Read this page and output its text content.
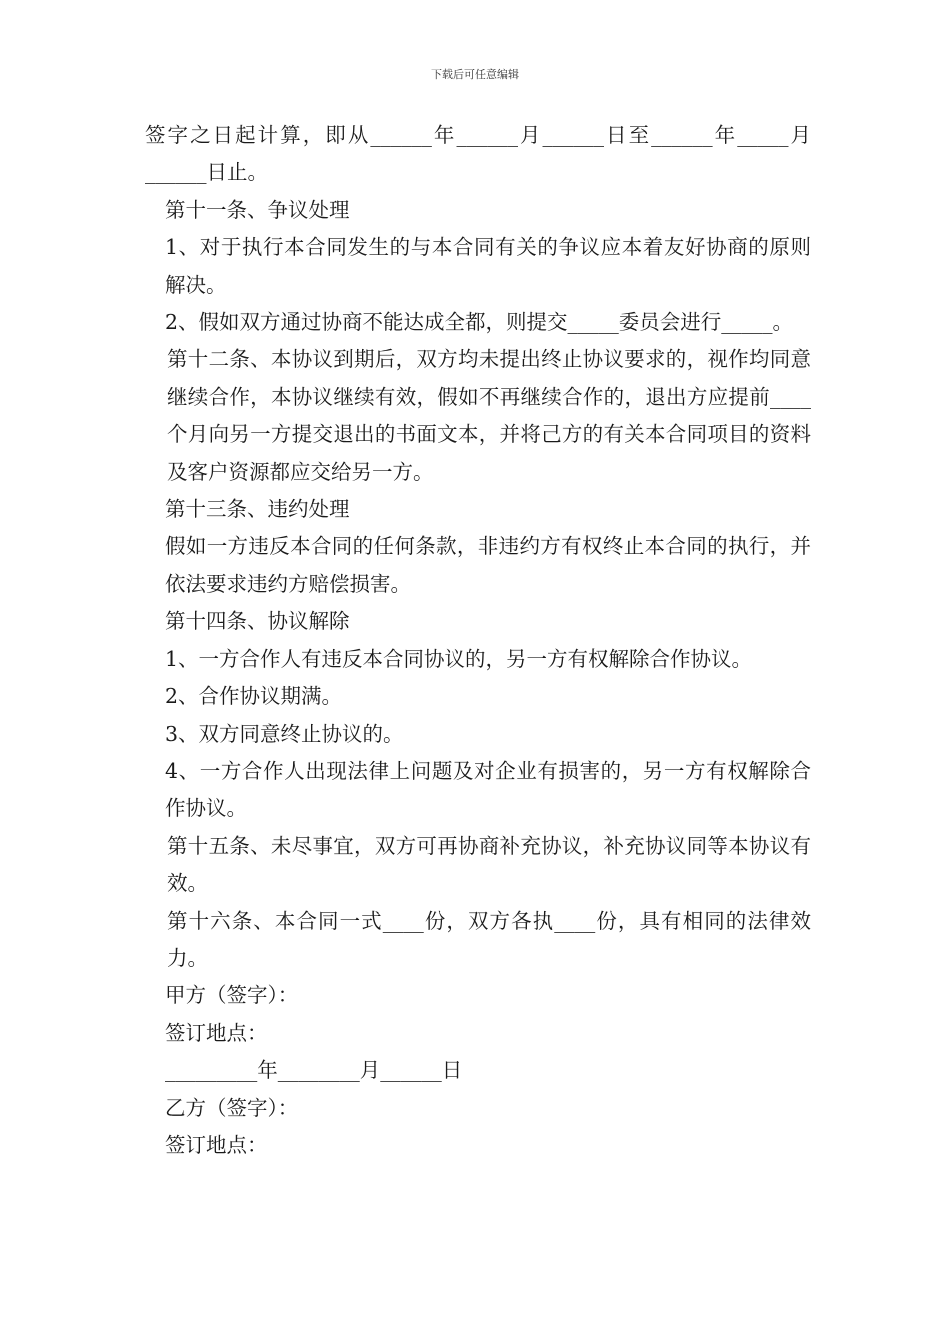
下载后可任意编辑

签字之日起计算，即从______年______月______日至______年_____月______日止。

第十一条、争议处理

1、对于执行本合同发生的与本合同有关的争议应本着友好协商的原则解决。

2、假如双方通过协商不能达成全都，则提交_____委员会进行_____。

第十二条、本协议到期后，双方均未提出终止协议要求的，视作均同意继续合作，本协议继续有效，假如不再继续合作的，退出方应提前____个月向另一方提交退出的书面文本，并将己方的有关本合同项目的资料及客户资源都应交给另一方。

第十三条、违约处理

假如一方违反本合同的任何条款，非违约方有权终止本合同的执行，并依法要求违约方赔偿损害。

第十四条、协议解除

1、一方合作人有违反本合同协议的，另一方有权解除合作协议。

2、合作协议期满。

3、双方同意终止协议的。

4、一方合作人出现法律上问题及对企业有损害的，另一方有权解除合作协议。

第十五条、未尽事宜，双方可再协商补充协议，补充协议同等本协议有效。

第十六条、本合同一式____份，双方各执____份，具有相同的法律效力。

甲方（签字）：

签订地点：

_________年________月______日

乙方（签字）：

签订地点：
